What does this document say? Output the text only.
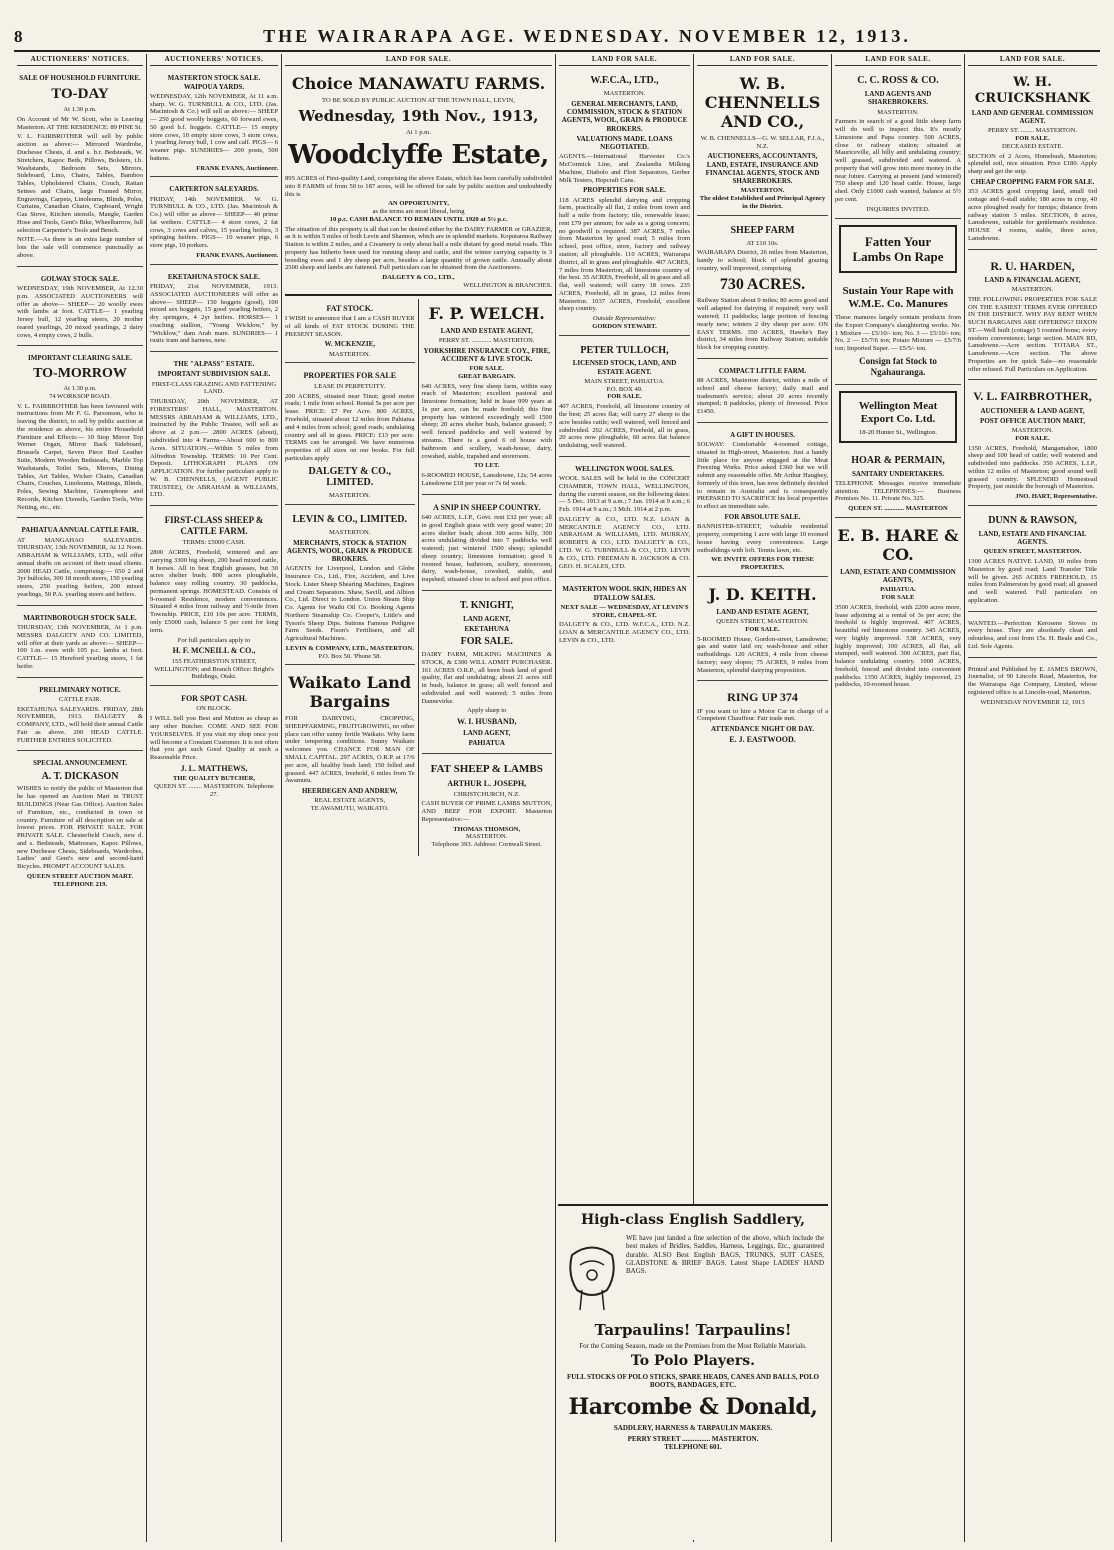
8	THE WAIRARAPA AGE. WEDNESDAY. NOVEMBER 12, 1913.
AUCTIONEERS' NOTICES.
SALE OF HOUSEHOLD FURNITURE.
TO-DAY
At 1.30 p.m.
On Account of Mr W. Scott, who is Leaving Masterton. AT THE RESIDENCE: 89 PINE St.
V. L. FAIRBROTHER will sell by public auction as above:— Mirrored Wardrobe, Duchesse Chests, d. and s. b.r. Bedsteads, W. Stretchers, Kapoc Beds, Pillows, Bolsters, t.b. Washstands, Bedroom Sets, Mirrors, Sideboard, Lino, Chairs, Tables, Bamboo Tables, Upholstered Chairs, Couch, Rattan Settees and Chairs, large Framed Mirror, Engravings, Carpets, Linoleums, Blinds, Poles, Curtains, Canadian Chairs, Cupboard, Wright Gas Stove, Kitchen utensils, Mangle, Garden Hose and Tools, Gent's Bike, Wheelbarrow, full selection Carpenter's Tools and Bench.
NOTE.—As there is an extra large number of lots the sale will commence punctually as above.
GOLWAY STOCK SALE.
WEDNESDAY, 19th NOVEMBER, At 12.30 p.m. ASSOCIATED AUCTIONEERS will offer as above— SHEEP— 20 woolly ewes with lambs at foot. CATTLE— 1 yearling Jersey bull, 12 yearling steers, 20 mother reared yearlings, 20 mixed yearlings, 2 dairy cows, 4 empty cows, 2 bulls.
IMPORTANT CLEARING SALE.
TO-MORROW
At 1.30 p.m.
74 WORKSOP ROAD.
V. L. FAIRBROTHER has been favoured with instructions from Mr F. G. Parsonson, who is leaving the district, to sell by public auction at the residence as above, his entire Household Furniture and Effects:— 10 Stop Mirror Top Werner Organ, Mirror Back Sideboard, Brussels Carpet, Seven Piece Red Leather Suite, Modern Wooden Bedsteads, Marble Top Washstands, Toilet Sets, Mirrors, Dining Tables, Art Tables, Wicker Chairs, Canadian Chairs, Couches, Linoleums, Mattings, Blinds, Poles, Sewing Machine, Gramophone and Records, Kitchen Utensils, Garden Tools, Wire Netting, etc., etc.
PAHIATUA ANNUAL CATTLE FAIR.
AT MANGAHAO SALEYARDS. THURSDAY, 13th NOVEMBER, At 12 Noon. ABRAHAM & WILLIAMS, LTD., will offer annual drafts on account of their usual clients. 2000 HEAD Cattle, comprising:— 650 2 and 3yr bullocks, 300 18 month steers, 150 yearling steers, 250 yearling heifers, 200 mixed yearlings, 50 P.A. yearling steers and heifers.
MARTINBOROUGH STOCK SALE.
THURSDAY, 13th NOVEMBER, At 1 p.m. MESSRS DALGETY AND CO. LIMITED, will offer at their yards as above:— SHEEP— 100 1.m. ewes with 105 p.c. lambs at foot. CATTLE— 15 Hereford yearling steers, 1 fat heifer.
PRELIMINARY NOTICE.
CATTLE FAIR.
EKETAHUNA SALEYARDS. FRIDAY, 28th NOVEMBER, 1913. DALGETY & COMPANY, LTD., will hold their annual Cattle Fair as above. 200 HEAD CATTLE. FURTHER ENTRIES SOLICITED.
SPECIAL ANNOUNCEMENT.
A. T. DICKASON
WISHES to notify the public of Masterton that he has opened an Auction Mart in TRUST BUILDINGS (Near Gas Office). Auction Sales of Furniture, etc., conducted in town or country. Furniture of all description on sale at lowest prices. FOR PRIVATE SALE. FOR PRIVATE SALE. Chesterfield Couch, new d. and s. Bedsteads, Mattresses, Kapoc Pillows, new Duchesse Chests, Sideboards, Wardrobes, Ladies' and Gent's new and second-hand Bicycles. PROMPT ACCOUNT SALES.
QUEEN STREET AUCTION MART. TELEPHONE 219.
AUCTIONEERS' NOTICES.
MASTERTON STOCK SALE. WAIPOUA YARDS.
WEDNESDAY, 12th NOVEMBER, At 11 a.m. sharp. W. G. TURNBULL & CO., LTD. (Jas. Macintosh & Co.) will sell as above:— SHEEP— 250 good woolly hoggets, 60 forward ewes, 50 good b.f. hoggets. CATTLE— 15 empty store cows, 10 empty store cows, 3 store cows, 1 yearling Jersey bull, 1 cow and calf. PIGS— 6 weaner pigs. SUNDRIES— 200 posts, 500 battens.
FRANK EVANS, Auctioneer.
CARTERTON SALEYARDS.
FRIDAY, 14th NOVEMBER. W. G. TURNBULL & CO., LTD. (Jas. Macintosh & Co.) will offer as above— SHEEP— 40 prime fat wethers. CATTLE— 4 store cows, 2 fat cows, 3 cows and calves, 15 yearling heifers, 3 springing heifers. PIGS— 10 weaner pigs, 6 store pigs, 10 porkers.
FRANK EVANS, Auctioneer.
EKETAHUNA STOCK SALE.
FRIDAY, 21st NOVEMBER, 1913. ASSOCIATED AUCTIONEERS will offer as above— SHEEP— 150 hoggets (good), 100 mixed sex hoggets, 15 good yearling heifers, 2 dry springers, 4 2yr heifers. HORSES— 1 coaching stallion, "Young Wicklow," by "Wicklow," dam Arab mare. SUNDRIES— 1 rustic tram and harness, new.
THE "ALPASS" ESTATE.
IMPORTANT SUBDIVISION SALE.
FIRST-CLASS GRAZING AND FATTENING LAND.
THURSDAY, 20th NOVEMBER, AT FORESTERS' HALL, MASTERTON. MESSRS ABRAHAM & WILLIAMS, LTD., instructed by the Public Trustee, will sell as above at 2 p.m.— 2800 ACRES (about), subdivided into 4 Farms—About 600 to 800 Acres. SITUATION.—Within 5 miles from Alfredton Township. TERMS: 10 Per Cent. Deposit. LITHOGRAPH PLANS ON APPLICATION. For further particulars apply to W. B. CHENNELLS, (AGENT PUBLIC TRUSTEE), Or ABRAHAM & WILLIAMS, LTD.
FIRST-CLASS SHEEP & CATTLE FARM.
TERMS: £5000 CASH.
2800 ACRES, Freehold, wintered and are carrying 3300 big sheep, 200 head mixed cattle, 8 horses. All in best English grasses, but 30 acres shelter bush; 800 acres ploughable, balance easy rolling country. 30 paddocks, permanent springs. HOMESTEAD. Consists of 9-roomed Residence, modern conveniences. Situated 4 miles from railway and ½-mile from Township. PRICE, £10 10s per acre. TERMS, only £5000 cash, balance 5 per cent for long term.
For full particulars apply to
H. F. MCNEILL & CO.,
155 FEATHERSTON STREET, WELLINGTON; and Branch Office: Bright's Buildings, Otaki.
FOR SPOT CASH.
ON BLOCK.
I WILL Sell you Best and Mutton as cheap as any other Butcher. COME AND SEE FOR YOURSELVES. If you visit my shop once you will become a Constant Customer. It is not often that you get such Good Quality at such a Reasonable Price.
J. L. MATTHEWS,
THE QUALITY BUTCHER,
QUEEN ST. ........ MASTERTON. Telephone 27.
LAND FOR SALE.
Choice MANAWATU FARMS.
TO BE SOLD BY PUBLIC AUCTION AT THE TOWN HALL, LEVIN,
Wednesday, 19th Nov., 1913,
At 1 p.m.
Woodclyffe Estate,
895 ACRES of First-quality Land, comprising the above Estate, which has been carefully subdivided into 8 FARMS of from 50 to 187 acres, will be offered for sale by public auction and undoubtedly this is
AN OPPORTUNITY,
as the terms are most liberal, being
10 p.c. CASH BALANCE TO REMAIN UNTIL 1920 at 5½ p.c.
The situation of this property is all that can be desired either by the DAIRY FARMER or GRAZIER, as it is within 5 miles of both Levin and Shannon, which are in splendid markets. Koputaroa Railway Station is within 2 miles, and a Creamery is only about half a mile distant by good metal roads. This property has hitherto been used for running sheep and cattle, and the winter carrying capacity is 3 breeding ewes and 1 dry sheep per acre, besides a large quantity of grown cattle. Annually about 2500 sheep and lambs are fattened. Full particulars can be obtained from the Auctioneers.
DALGETY & CO., LTD.,
WELLINGTON & BRANCHES.
FAT STOCK.
I WISH to announce that I am a CASH BUYER of all kinds of FAT STOCK DURING THE PRESENT SEASON.
W. MCKENZIE,
MASTERTON.
PROPERTIES FOR SALE
LEASE IN PERPETUITY.
200 ACRES, situated near Tinui; good motor roads; 1 mile from school. Rental 5s per acre per lease. PRICE: £7 Per Acre. 800 ACRES, Freehold, situated about 12 miles from Pahiatua and 4 miles from school; good roads; undulating country and all in grass. PRICE: £13 per acre. TERMS can be arranged. We have numerous properties of all sizes on our books. For full particulars apply
DALGETY & CO., LIMITED.
MASTERTON.
LEVIN & CO., LIMITED.
MASTERTON.
MERCHANTS, STOCK & STATION AGENTS, WOOL, GRAIN & PRODUCE BROKERS.
AGENTS for Liverpool, London and Globe Insurance Co., Ltd., Fire, Accident, and Live Stock. Lister Sheep Shearing Machines, Engines and Cream Separators. Shaw, Savill, and Albion Co., Ltd. Direct to London. Union Steam Ship Co. Agents for Waihi Oil Co. Booking Agents Northern Steamship Co. Cooper's, Little's and Tyson's Sheep Dips. Suttons Famous Pedigree Farm Seeds. Fison's Fertilisers, and all Agricultural Machines.
LEVIN & COMPANY, LTD., MASTERTON.
P.O. Box 50. 'Phone 58.
Waikato Land Bargains
FOR DAIRYING, CROPPING, SHEEPFARMING, FRUITGROWING, no other place can offer sunny fertile Waikato. Why farm under tempering conditions. Sunny Waikato welcomes you. CHANCE FOR MAN OF SMALL CAPITAL. 297 ACRES, O.R.P. at 17/6 per acre, all healthy bush land; 150 felled and grassed. 447 ACRES, freehold, 6 miles from Te Awamutu.
HEERDEGEN AND ANDREW,
REAL ESTATE AGENTS,
TE AWAMUTU, WAIKATO.
F. P. WELCH.
LAND AND ESTATE AGENT,
PERRY ST. ............ MASTERTON.
YORKSHIRE INSURANCE COY., FIRE, ACCIDENT & LIVE STOCK.
FOR SALE.
GREAT BARGAIN.
640 ACRES, very fine sheep farm, within easy reach of Masterton; excellent pastoral and limestone formation; held in lease 999 years at 1s per acre, can be made freehold; this fine property has wintered exceedingly well 1500 sheep; 20 acres shelter bush, balance grassed; 7 well fenced paddocks and well watered by streams. There is a good 6 rd house with bathroom and scullery, wash-house, dairy, cowshed, stable, trapshed and storeroom.
TO LET.
6-ROOMED HOUSE, Lansdowne, 12s; 54 acres Lansdowne £18 per year or 7s 6d week.
A SNIP IN SHEEP COUNTRY.
640 ACRES, L.I.P., Govt. rent £32 per year; all in good English grass with very good water; 20 acres shelter bush; about 300 acres hilly, 300 acres undulating divided into 7 paddocks well watered; just wintered 1500 sheep; splendid sheep country; limestone formation; good 6 roomed house, bathroom, scullery, storeroom, dairy, wash-house, cowshed, stable, and trapshed; situated close to school and post office.
T. KNIGHT,
LAND AGENT,
EKETAHUNA
FOR SALE.
DAIRY FARM, MILKING MACHINES & STOCK, & £300 WILL ADMIT PURCHASER. 161 ACRES O.R.P., all been bush land of good quality, flat and undulating; about 21 acres still in bush, balance in grass; all well fenced and subdivided and well watered; 5 miles from Dannevirke.
Apply sharp to
W. I. HUSBAND,
LAND AGENT,
PAHIATUA
FAT SHEEP & LAMBS
ARTHUR L. JOSEPH,
CHRISTCHURCH, N.Z.
CASH BUYER OF PRIME LAMBS MUTTON, AND BEEF FOR EXPORT. Masterton Representative:—
THOMAS THOMSON,
MASTERTON.
Telephone 393. Address: Cornwall Street.
LAND FOR SALE.
W.F.C.A., LTD.,
MASTERTON.
GENERAL MERCHANTS, LAND, COMMISSION, STOCK & STATION AGENTS, WOOL, GRAIN & PRODUCE BROKERS.
VALUATIONS MADE. LOANS NEGOTIATED.
AGENTS.—International Harvester Co.'s McCormick Line, and Zealandia Milking Machine, Diabolo and Flott Separators, Gerber Milk Testers, Hopcraft Cans.
PROPERTIES FOR SALE.
118 ACRES splendid dairying and cropping farm, practically all flat, 2 miles from town and half a mile from factory; tile, renewable lease; rent £79 per annum; for sale as a going concern; no goodwill is required. 387 ACRES, 7 miles from Masterton by good road; 5 miles from school, post office, store, factory and railway station; all ploughable. 110 ACRES, Wairarapa district, all in grass and ploughable. 407 ACRES, 7 miles from Masterton, all limestone country of the best. 35 ACRES, Freehold, all in grass and all flat, well watered; will carry 18 cows. 235 ACRES, Freehold, all in grass, 12 miles from Masterton. 1037 ACRES, Freehold, excellent sheep country.
Outside Representative:
GORDON STEWART.
PETER TULLOCH,
LICENSED STOCK, LAND, AND ESTATE AGENT.
MAIN STREET, PAHIATUA.
P.O. BOX 49.
FOR SALE.
407 ACRES, Freehold, all limestone country of the best; 25 acres flat; will carry 27 sheep to the acre besides cattle; well watered, well fenced and subdivided. 292 ACRES, Freehold, all in grass, 20 acres now ploughable, 60 acres flat balance undulating, well watered.
WELLINGTON WOOL SALES.
WOOL SALES will be held in the CONCERT CHAMBER, TOWN HALL, WELLINGTON, during the current season, on the following dates:— 5 Dec. 1913 at 9 a.m.; 7 Jan. 1914 at 9 a.m.; 6 Feb. 1914 at 9 a.m.; 3 Mch. 1914 at 2 p.m.
DALGETY & CO., LTD. N.Z. LOAN & MERCANTILE AGENCY CO., LTD. ABRAHAM & WILLIAMS, LTD. MURRAY, ROBERTS & CO., LTD. DALGETY & CO., LTD. W. G. TURNBULL & CO., LTD. LEVIN & CO., LTD. FREEMAN R. JACKSON & CO. GEO. H. SCALES, LTD.
MASTERTON WOOL SKIN, HIDES AN DTALLOW SALES.
NEXT SALE — WEDNESDAY, AT LEVIN'S STORE, CHAPEL-ST.
DALGETY & CO., LTD. W.F.C.A., LTD. N.Z. LOAN & MERCANTILE AGENCY CO., LTD. LEVIN & CO., LTD.
LAND FOR SALE.
W. B. CHENNELLS AND CO.,
W. B. CHENNELLS—G. W. SELLAR, F.J.A., N.Z.
AUCTIONEERS, ACCOUNTANTS, LAND, ESTATE, INSURANCE AND FINANCIAL AGENTS, STOCK AND SHAREBROKERS.
MASTERTON.
The oldest Established and Principal Agency in the District.
SHEEP FARM
AT £10 10s.
WAIRARAPA District, 26 miles from Masterton, handy to school; block of splendid grazing country, well improved, comprising
730 ACRES.
Railway Station about 9 miles; 80 acres good and well adapted for dairying if required; very well watered; 11 paddocks; large portion of fencing nearly new; winters 2 dry sheep per acre. ON EASY TERMS. 350 ACRES, Hawke's Bay district, 34 miles from Railway Station; suitable block for cropping country.
COMPACT LITTLE FARM.
88 ACRES, Masterton district, within a mile of school and cheese factory; daily mail and tradesmen's service; about 20 acres recently stumped; 8 paddocks, plenty of firewood. Price £1450.
A GIFT IN HOUSES.
SOLWAY: Comfortable 4-roomed cottage, situated in High-street, Masterton. Just a handy little place for anyone engaged at the Meat Freezing Works. Price asked £360 but we will submit any reasonable offer. Mr Arthur Haughey, formerly of this town, has now definitely decided to remain in Australia and is consequently PREPARED TO SACRIFICE his local properties to effect an immediate sale.
FOR ABSOLUTE SALE.
BANNISTER-STREET, valuable residential property, comprising 1 acre with large 10 roomed house having every convenience. Large outbuildings with loft. Tennis lawn, etc.
WE INVITE OFFERS FOR THESE PROPERTIES.
J. D. KEITH.
LAND AND ESTATE AGENT,
QUEEN STREET, MASTERTON.
FOR SALE.
5-ROOMED House, Gordon-street, Lansdowne; gas and water laid on; wash-house and other outbuildings. 120 ACRES, 4 mile from cheese factory; easy slopes; 75 ACRES, 9 miles from Masterton, splendid dairying proposition.
RING UP 374
IF you want to hire a Motor Car in charge of a Competent Chauffeur. Fair trade met.
ATTENDANCE NIGHT OR DAY.
E. J. EASTWOOD.
LAND FOR SALE.
C. C. ROSS & CO.
LAND AGENTS AND SHAREBROKERS.
MASTERTON.
Farmers in search of a good little sheep farm will do well to inspect this. It's mostly Limestone and Papa country. 500 ACRES, close to railway station; situated at Mauriceville, all hilly and undulating country; well grassed, subdivided and watered. A property that will grow into more money in the near future. Carrying at present (and wintered) 750 sheep and 120 head cattle. House, large shed. Only £1000 cash wanted, balance at 5½ per cent.
INQUIRIES INVITED.
Fatten Your Lambs On Rape
Sustain Your Rape with W.M.E. Co. Manures
These manures largely contain products from the Export Company's slaughtering works. No. 1 Mixture — £5/10/- ton; No. 3 — £5/10/- ton; No. 2 — £5/7/6 ton; Potato Mixture — £5/7/6 ton; Imported Super. — £5/5/- ton.
Consign fat Stock to Ngahauranga.
Wellington Meat Export Co. Ltd.
18-20 Hunter St., Wellington.
HOAR & PERMAIN,
SANITARY UNDERTAKERS.
TELEPHONE Messages receive immediate attention. TELEPHONES:— Business Premises No. 11. Private No. 325.
QUEEN ST. ............ MASTERTON
E. B. HARE & CO.
LAND, ESTATE AND COMMISSION AGENTS,
PAHIATUA.
FOR SALE
3500 ACRES, freehold, with 2200 acres more, lease adjoining at a rental of 3s per acre; the freehold is highly improved. 407 ACRES, beautiful red limestone country. 345 ACRES, very highly improved. 538 ACRES, very highly improved; 100 ACRES, all flat, all stumped, well watered. 300 ACRES, part flat, balance undulating country. 1000 ACRES, freehold, fenced and divided into convenient paddocks. 1350 ACRES, highly improved, 23 paddocks, 10-roomed house.
LAND FOR SALE.
W. H. CRUICKSHANK
LAND AND GENERAL COMMISSION AGENT.
PERRY ST. ........ MASTERTON.
FOR SALE.
DECEASED ESTATE.
SECTION of 2 Acres, Homebush, Masterton; splendid soil, nice situation. Price £180. Apply sharp and get the snip.
CHEAP CROPPING FARM FOR SALE.
353 ACRES good cropping land, small 6rd cottage and 6-stall stable; 180 acres in crop, 40 acres ploughed ready for turnips; distance from railway station 3 miles. SECTION, 8 acres, Lansdowne, suitable for gentleman's residence. HOUSE 4 rooms, stable, three acres, Lansdowne.
R. U. HARDEN,
LAND & FINANCIAL AGENT,
MASTERTON.
THE FOLLOWING PROPERTIES FOR SALE ON THE EASIEST TERMS EVER OFFERED IN THE DISTRICT. WHY PAY RENT WHEN SUCH BARGAINS ARE OFFERING? DIXON ST.—Well built (cottage) 5 roomed home; every modern convenience; large section. MAIN RD, Lansdowne.—Acre section. TOTARA ST., Lansdowne.—Acre section. The above Properties are for quick Sale—no reasonable offer refused. Full Particulars on Application.
V. L. FAIRBROTHER,
AUCTIONEER & LAND AGENT,
POST OFFICE AUCTION MART,
MASTERTON.
FOR SALE.
1350 ACRES, Freehold, Mangamahoe, 1800 sheep and 100 head of cattle; well watered and subdivided into paddocks. 350 ACRES, L.I.P., within 12 miles of Masterton; good sound well grassed country. SPLENDID Homestead Property, just outside the borough of Masterton.
JNO. HART, Representative.
DUNN & RAWSON,
LAND, ESTATE AND FINANCIAL AGENTS.
QUEEN STREET, MASTERTON.
1300 ACRES NATIVE LAND, 10 miles from Masterton by good road; Land Transfer Title will be given. 265 ACRES FREEHOLD, 15 miles from Palmerston by good road; all grassed and well watered. Full particulars on application.
WANTED.—Perfection Kerosene Stoves in every house. They are absolutely clean and odourless, and cost from 15s. H. Beale and Co., Ltd. Sole Agents.
Printed and Published by E. JAMES BROWN, Journalist, of 90 Lincoln Road, Masterton, for the Wairarapa Age Company, Limited, whose registered office is at Lincoln-road, Masterton.
WEDNESDAY NOVEMBER 12, 1913
High-class English Saddlery,
WE have just landed a fine selection of the above, which include the best makes of Bridles, Saddles, Harness, Leggings, Etc., guaranteed durable. ALSO Best English BAGS, TRUNKS, SUIT CASES, GLADSTONE & BRIEF BAGS. Latest Shape LADIES' HAND BAGS.
Tarpaulins! Tarpaulins!
For the Coming Season, made on the Premises from the Most Reliable Materials.
To Polo Players.
FULL STOCKS OF POLO STICKS, SPARE HEADS, CANES AND BALLS, POLO BOOTS, BANDAGES, ETC.
Harcombe & Donald,
SADDLERY, HARNESS & TARPAULIN MAKERS.
PERRY STREET ................ MASTERTON.
TELEPHONE 601.
